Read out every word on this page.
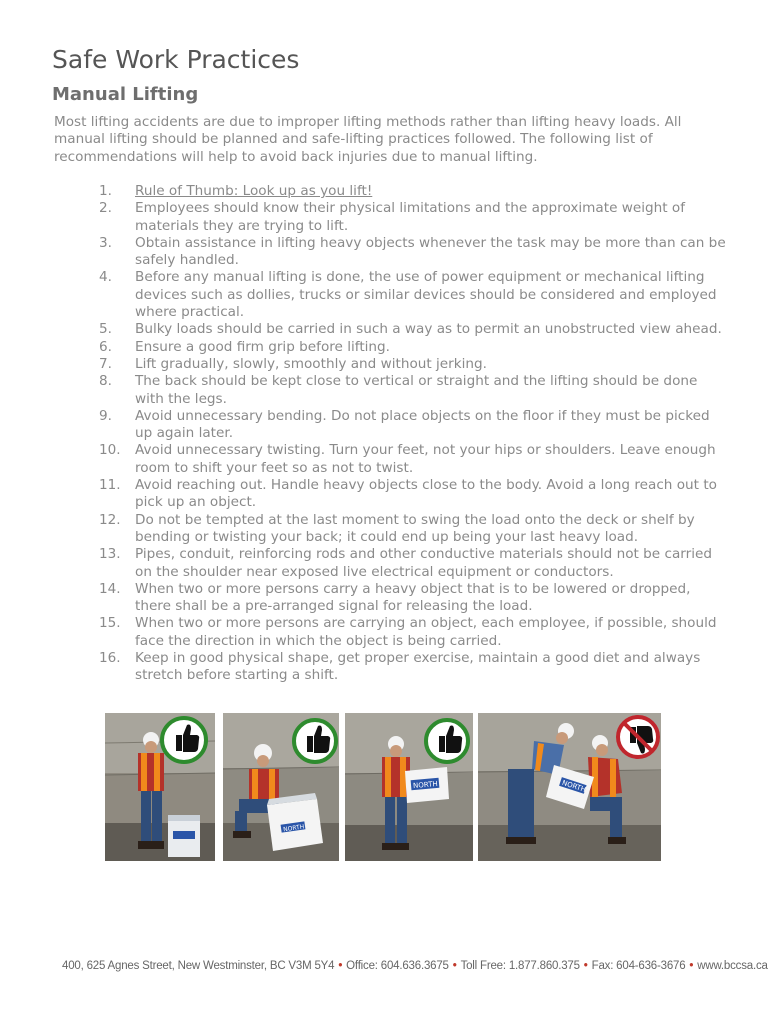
Safe Work Practices
Manual Lifting

Most lifting accidents are due to improper lifting methods rather than lifting heavy loads. All manual lifting should be planned and safe-lifting practices followed. The following list of recommendations will help to avoid back injuries due to manual lifting.

1. Rule of Thumb: Look up as you lift!
2. Employees should know their physical limitations and the approximate weight of materials they are trying to lift.
3. Obtain assistance in lifting heavy objects whenever the task may be more than can be safely handled.
4. Before any manual lifting is done, the use of power equipment or mechanical lifting devices such as dollies, trucks or similar devices should be considered and employed where practical.
5. Bulky loads should be carried in such a way as to permit an unobstructed view ahead.
6. Ensure a good firm grip before lifting.
7. Lift gradually, slowly, smoothly and without jerking.
8. The back should be kept close to vertical or straight and the lifting should be done with the legs.
9. Avoid unnecessary bending. Do not place objects on the floor if they must be picked up again later.
10. Avoid unnecessary twisting. Turn your feet, not your hips or shoulders. Leave enough room to shift your feet so as not to twist.
11. Avoid reaching out. Handle heavy objects close to the body. Avoid a long reach out to pick up an object.
12. Do not be tempted at the last moment to swing the load onto the deck or shelf by bending or twisting your back; it could end up being your last heavy load.
13. Pipes, conduit, reinforcing rods and other conductive materials should not be carried on the shoulder near exposed live electrical equipment or conductors.
14. When two or more persons carry a heavy object that is to be lowered or dropped, there shall be a pre-arranged signal for releasing the load.
15. When two or more persons are carrying an object, each employee, if possible, should face the direction in which the object is being carried.
16. Keep in good physical shape, get proper exercise, maintain a good diet and always stretch before starting a shift.
NORTH
NORTH	NORTH
400, 625 Agnes Street, New Westminster, BC V3M 5Y4 • Office: 604.636.3675 • Toll Free: 1.877.860.375 • Fax: 604-636-3676 • www.bccsa.ca
